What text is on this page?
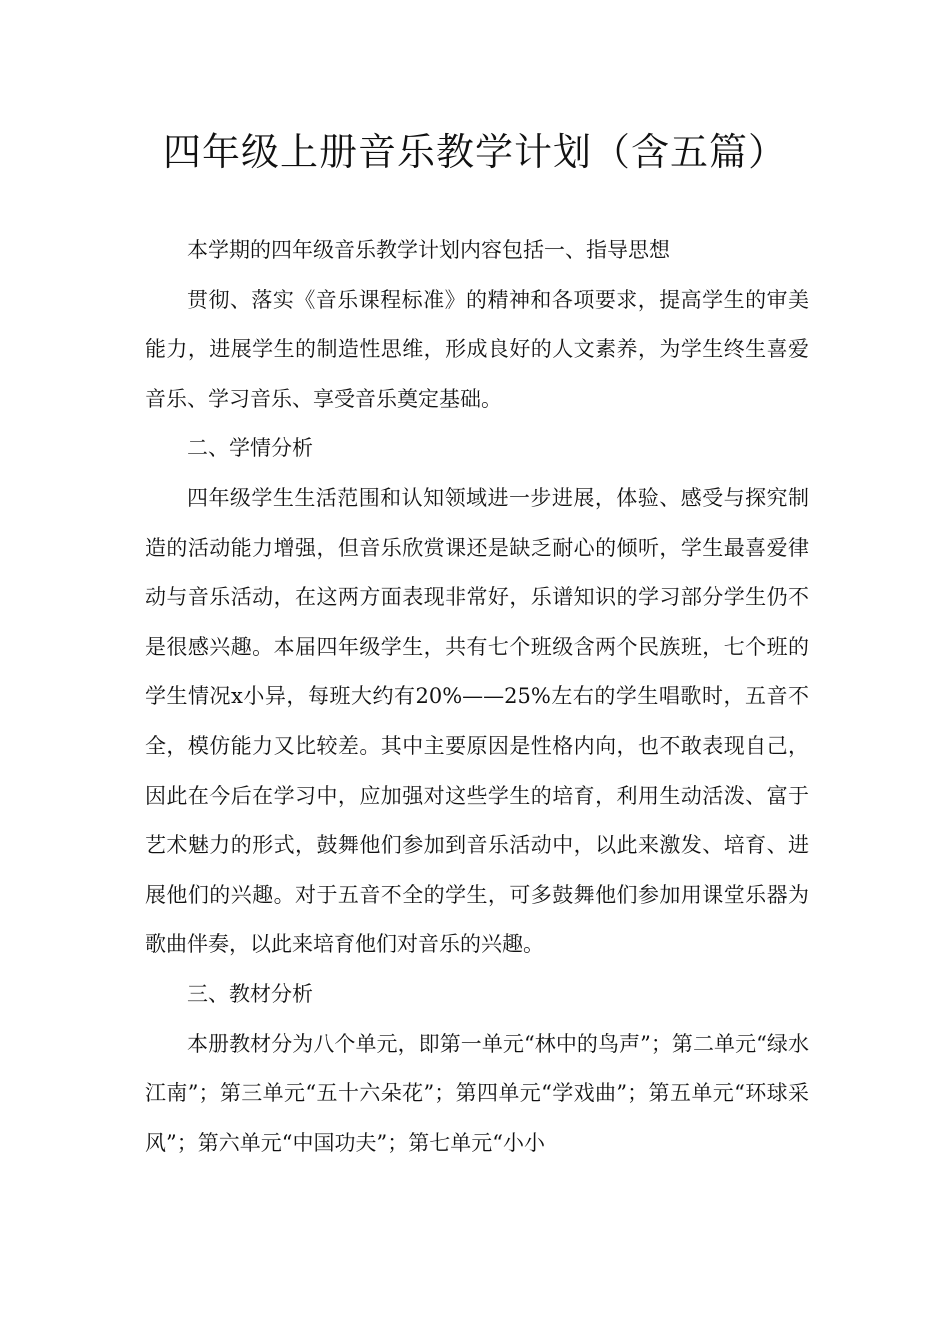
四年级上册音乐教学计划（含五篇）

本学期的四年级音乐教学计划内容包括一、指导思想

贯彻、落实《音乐课程标准》的精神和各项要求，提高学生的审美能力，进展学生的制造性思维，形成良好的人文素养，为学生终生喜爱音乐、学习音乐、享受音乐奠定基础。

二、学情分析

四年级学生生活范围和认知领域进一步进展，体验、感受与探究制造的活动能力增强，但音乐欣赏课还是缺乏耐心的倾听，学生最喜爱律动与音乐活动，在这两方面表现非常好，乐谱知识的学习部分学生仍不是很感兴趣。本届四年级学生，共有七个班级含两个民族班，七个班的学生情况x小异，每班大约有20%——25%左右的学生唱歌时，五音不全，模仿能力又比较差。其中主要原因是性格内向，也不敢表现自己，因此在今后在学习中，应加强对这些学生的培育，利用生动活泼、富于艺术魅力的形式，鼓舞他们参加到音乐活动中，以此来激发、培育、进展他们的兴趣。对于五音不全的学生，可多鼓舞他们参加用课堂乐器为歌曲伴奏，以此来培育他们对音乐的兴趣。

三、教材分析

本册教材分为八个单元，即第一单元“林中的鸟声”；第二单元“绿水江南”；第三单元“五十六朵花”；第四单元“学戏曲”；第五单元“环球采风”；第六单元“中国功夫”；第七单元“小小
